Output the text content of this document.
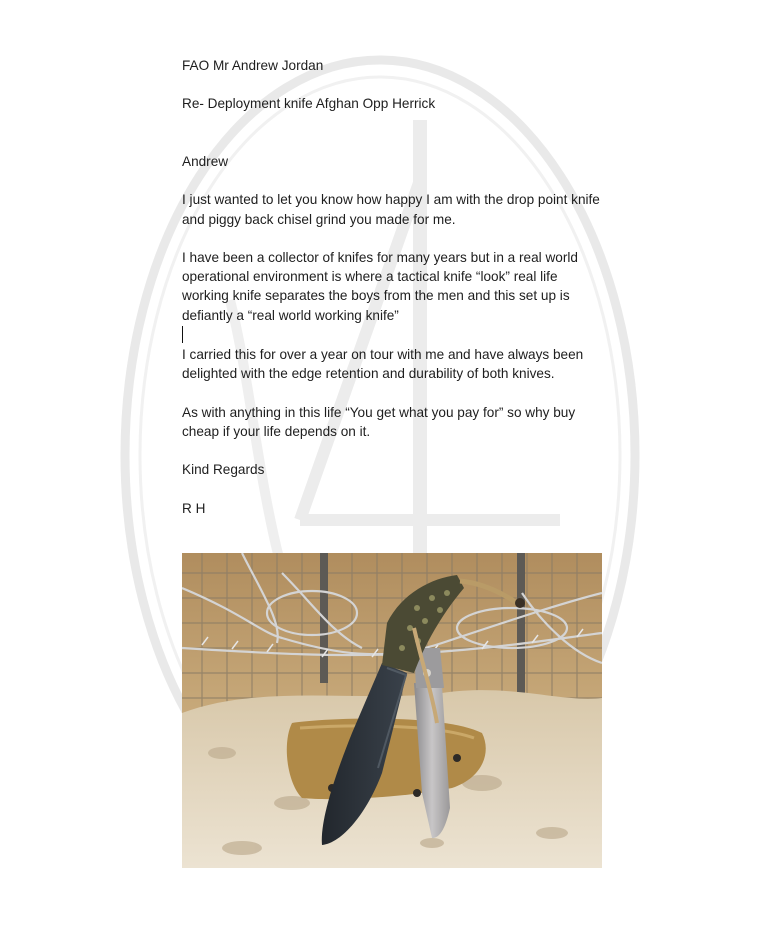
FAO Mr Andrew Jordan

Re- Deployment knife Afghan Opp Herrick

Andrew

I just wanted to let you know how happy I am with the drop point knife and piggy back chisel grind you made for me.

I have been a collector of knifes for many years but in a real world operational environment is where a tactical knife “look” real life working knife separates the boys from the men and this set up is defiantly a “real world working knife”

I carried this for over a year on tour with me and have always been delighted with the edge retention and durability of both knives.

As with anything in this life “You get what you pay for” so why buy cheap if your life depends on it.

Kind Regards

R H
